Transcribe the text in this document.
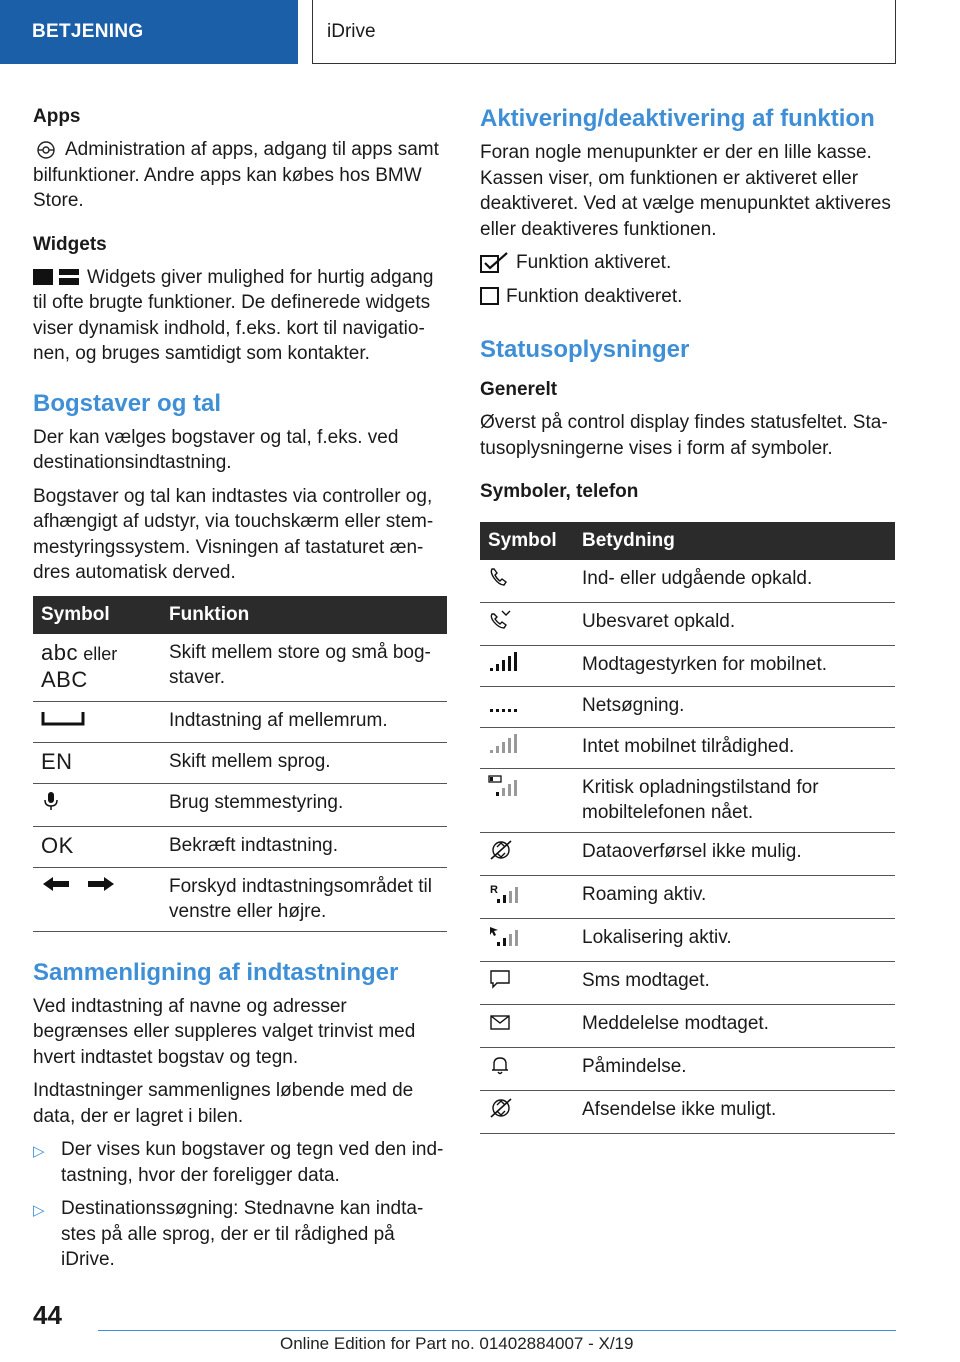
BETJENING	iDrive
Apps

Administration af apps, adgang til apps samt bilfunktioner. Andre apps kan købes hos BMW Store.

Widgets

Widgets giver mulighed for hurtig adgang til ofte brugte funktioner. De definerede widgets viser dynamisk indhold, f.eks. kort til navigationen, og bruges samtidigt som kontakter.

Bogstaver og tal

Der kan vælges bogstaver og tal, f.eks. ved destinationsindtastning.

Bogstaver og tal kan indtastes via controller og, afhængigt af udstyr, via touchskærm eller stemmestyringssystem. Visningen af tastaturet ændres automatisk derved.

Symbol	Funktion
abc eller
ABC	Skift mellem store og små bogstaver.
	Indtastning af mellemrum.
EN	Skift mellem sprog.
	Brug stemmestyring.
OK	Bekræft indtastning.
	Forskyd indtastningsområdet til venstre eller højre.
Sammenligning af indtastninger

Ved indtastning af navne og adresser begrænses eller suppleres valget trinvist med hvert indtastet bogstav og tegn.

Indtastninger sammenlignes løbende med de data, der er lagret i bilen.

▷ Der vises kun bogstaver og tegn ved den indtastning, hvor der foreligger data.
▷ Destinationssøgning: Stednavne kan indtastes på alle sprog, der er til rådighed på iDrive.
Aktivering/deaktivering af funktion

Foran nogle menupunkter er der en lille kasse. Kassen viser, om funktionen er aktiveret eller deaktiveret. Ved at vælge menupunktet aktiveres eller deaktiveres funktionen.

Funktion aktiveret.

Funktion deaktiveret.

Statusoplysninger
Generelt

Øverst på control display findes statusfeltet. Statusoplysningerne vises i form af symboler.

Symboler, telefon
Symbol	Betydning
	Ind- eller udgående opkald.
	Ubesvaret opkald.
	Modtagestyrken for mobilnet.
	Netsøgning.
	Intet mobilnet tilrådighed.
	Kritisk opladningstilstand for mobiltelefonen nået.
	Dataoverførsel ikke mulig.

R	Roaming aktiv.
	Lokalisering aktiv.
	Sms modtaget.
	Meddelelse modtaget.
	Påmindelse.
	Afsendelse ikke muligt.
44
Online Edition for Part no. 01402884007 - X/19
